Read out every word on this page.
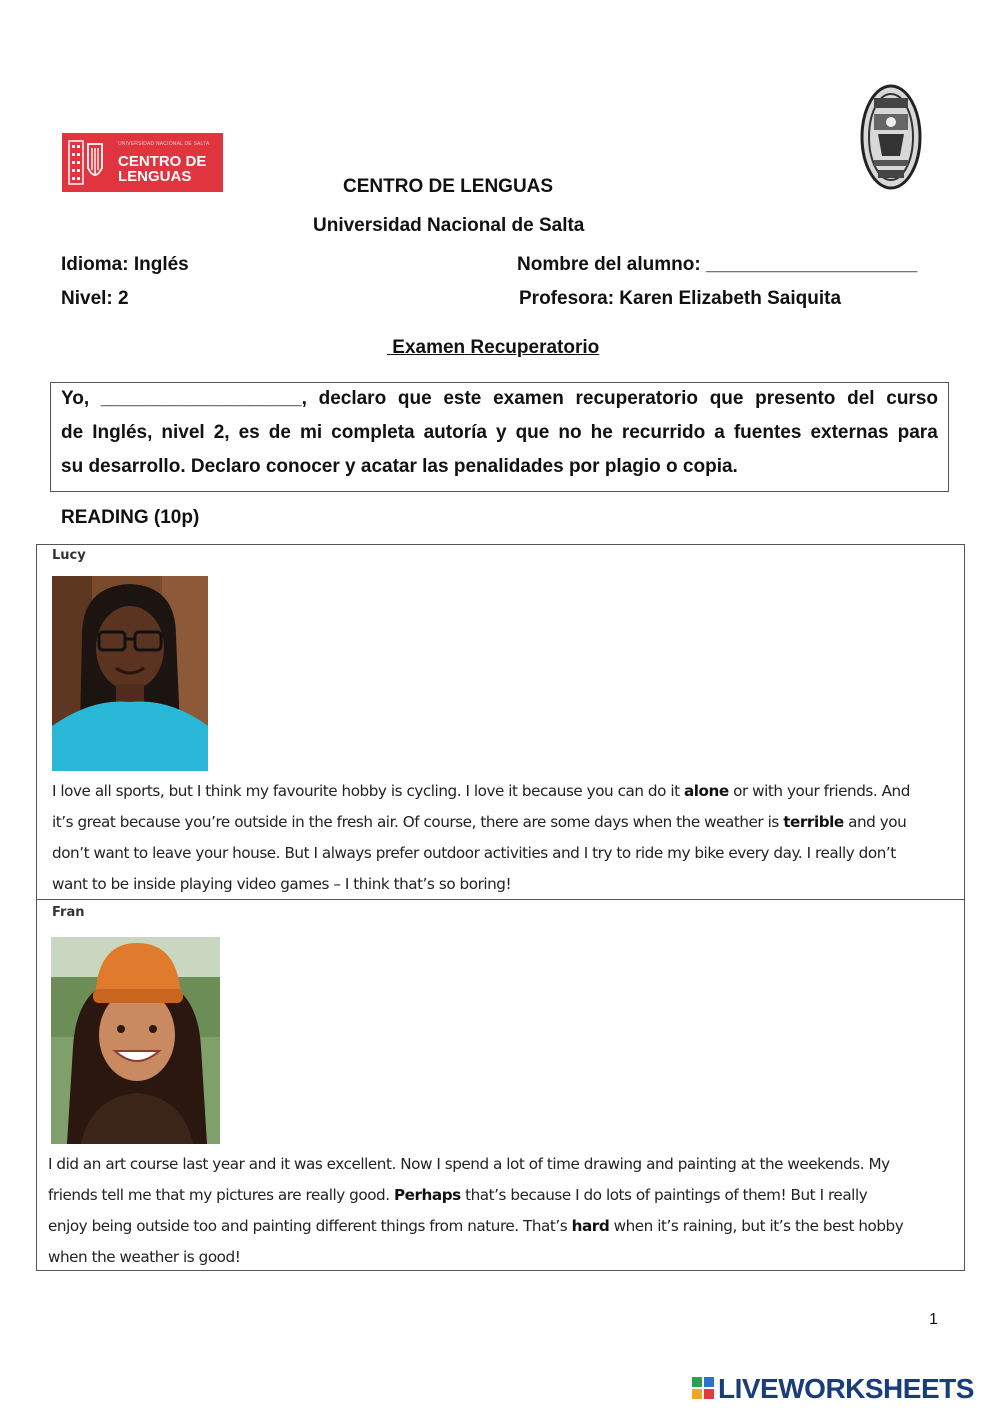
UNIVERSIDAD NACIONAL DE SALTA
CENTRO DE
LENGUAS	CENTRO DE LENGUAS
Universidad Nacional de Salta
Idioma: Inglés	Nombre del alumno: ____________________
Nivel: 2	Profesora: Karen Elizabeth Saiquita
Examen Recuperatorio
Yo, ___________________, declaro que este examen recuperatorio que presento del curso
de Inglés, nivel 2, es de mi completa autoría y que no he recurrido a fuentes externas para
su desarrollo. Declaro conocer y acatar las penalidades por plagio o copia.
READING (10p)
Lucy
I love all sports, but I think my favourite hobby is cycling. I love it because you can do it alone or with your friends. And
it’s great because you’re outside in the fresh air. Of course, there are some days when the weather is terrible and you
don’t want to leave your house. But I always prefer outdoor activities and I try to ride my bike every day. I really don’t
want to be inside playing video games – I think that’s so boring!
Fran
I did an art course last year and it was excellent. Now I spend a lot of time drawing and painting at the weekends. My
friends tell me that my pictures are really good. Perhaps that’s because I do lots of paintings of them! But I really
enjoy being outside too and painting different things from nature. That’s hard when it’s raining, but it’s the best hobby
when the weather is good!
1
LIVEWORKSHEETS
